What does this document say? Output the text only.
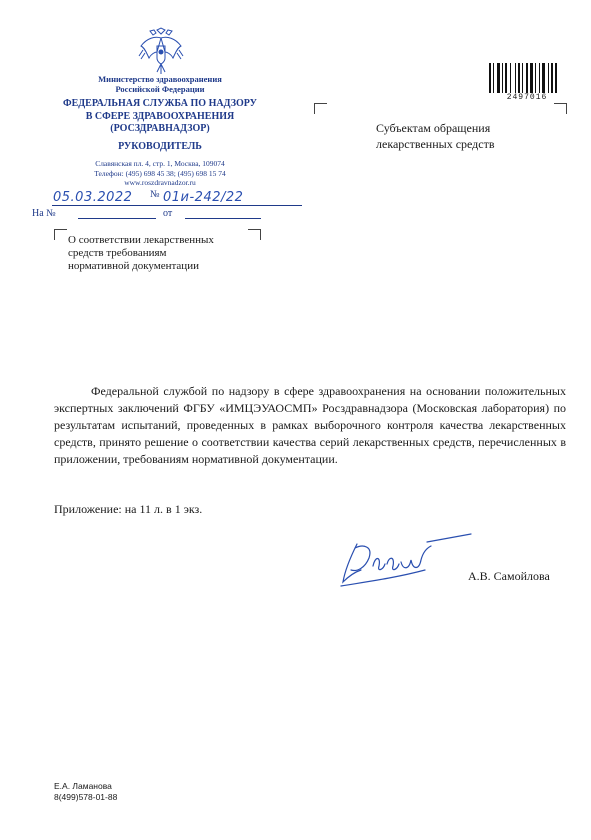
Министерство здравоохранения
Российской Федерации
ФЕДЕРАЛЬНАЯ СЛУЖБА ПО НАДЗОРУ
В СФЕРЕ ЗДРАВООХРАНЕНИЯ
(РОСЗДРАВНАДЗОР)
РУКОВОДИТЕЛЬ
Славянская пл. 4, стр. 1, Москва, 109074
Телефон: (495) 698 45 38; (495) 698 15 74
www.roszdravnadzor.ru
05.03.2022 № 01и-242/22
На №	от
О соответствии лекарственных
средств требованиям
нормативной документации
Субъектам обращения
лекарственных средств
2497016
Федеральной службой по надзору в сфере здравоохранения на основании положительных экспертных заключений ФГБУ «ИМЦЭУАОСМП» Росздравнадзора (Московская лаборатория) по результатам испытаний, проведенных в рамках выборочного контроля качества лекарственных средств, принято решение о соответствии качества серий лекарственных средств, перечисленных в приложении, требованиям нормативной документации.
Приложение: на 11 л. в 1 экз.
А.В. Самойлова
Е.А. Ламанова
8(499)578-01-88
